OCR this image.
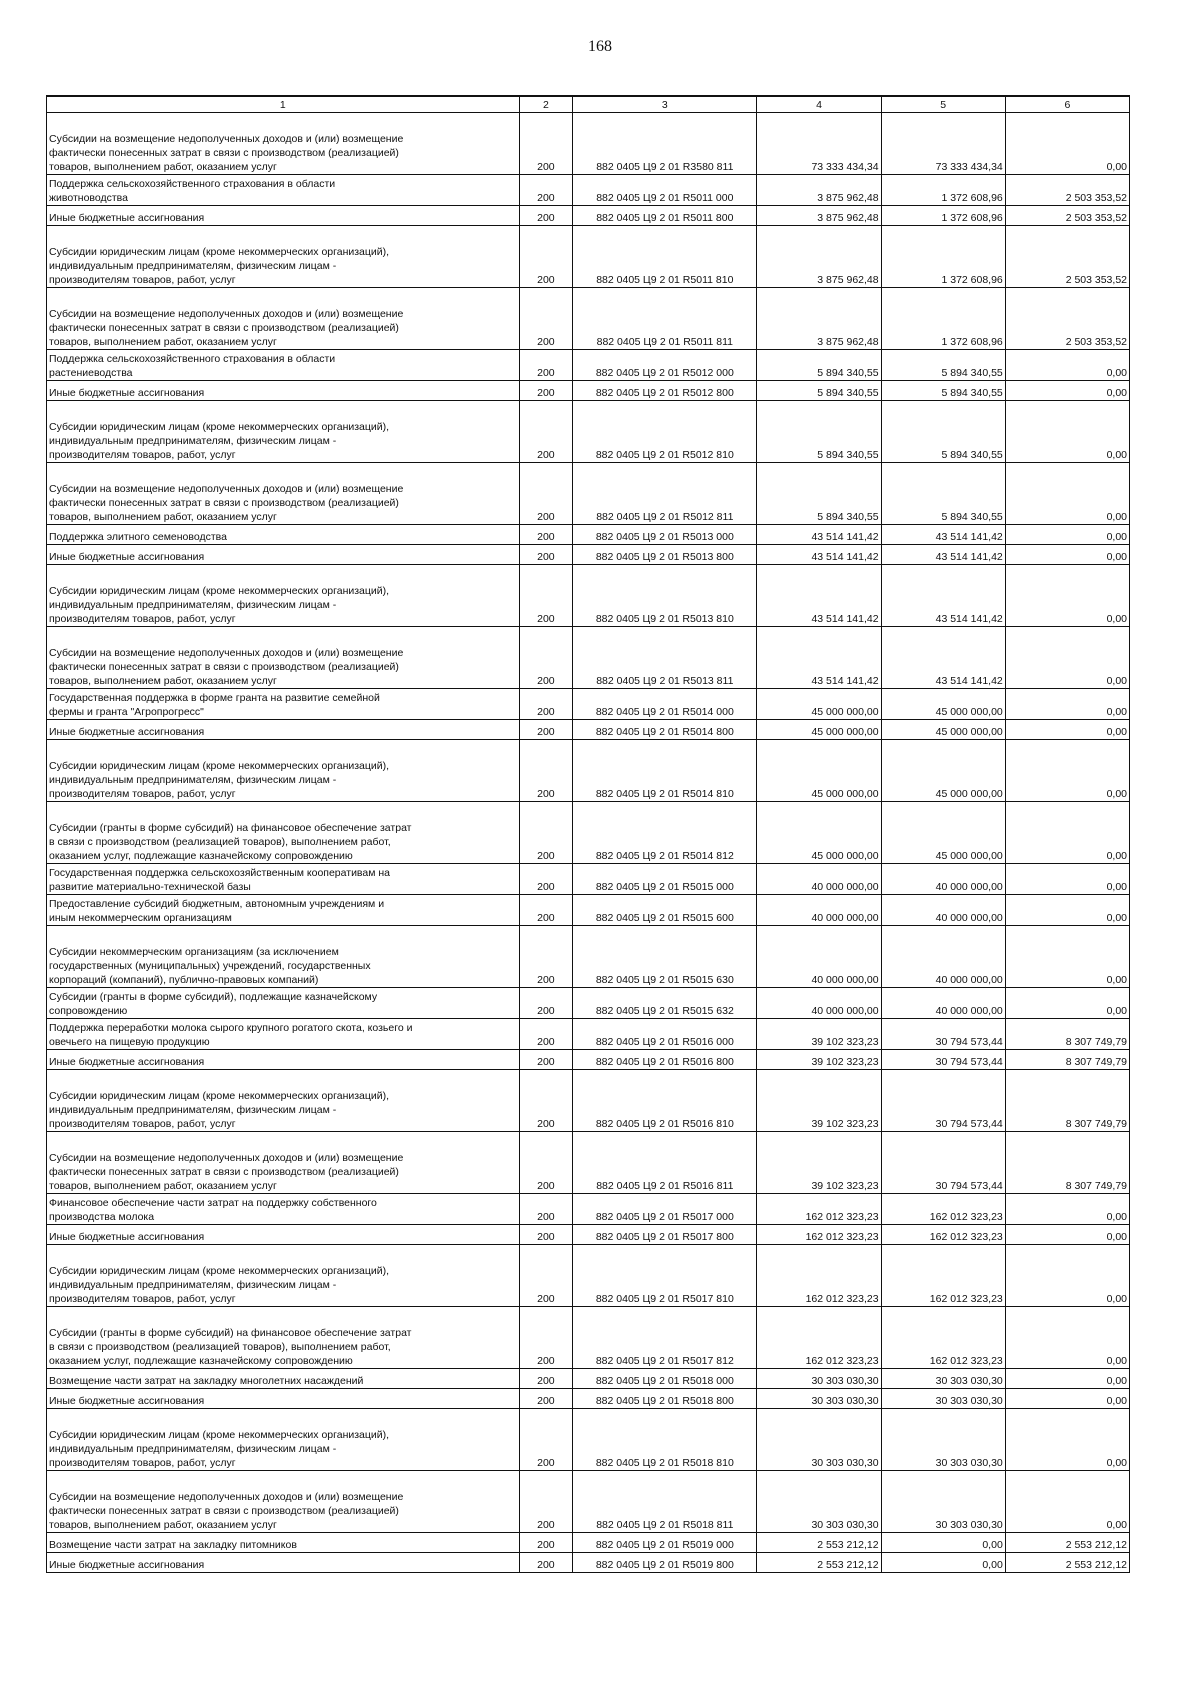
168
1	2	3	4	5	6

Субсидии на возмещение недополученных доходов и (или) возмещение
фактически понесенных затрат в связи с производством (реализацией)
товаров, выполнением работ, оказанием услуг	200	882 0405 Ц9 2 01 R3580 811	73 333 434,34	73 333 434,34	0,00

Поддержка сельскохозяйственного страхования в области
животноводства	200	882 0405 Ц9 2 01 R5011 000	3 875 962,48	1 372 608,96	2 503 353,52

Иные бюджетные ассигнования	200	882 0405 Ц9 2 01 R5011 800	3 875 962,48	1 372 608,96	2 503 353,52

Субсидии юридическим лицам (кроме некоммерческих организаций),
индивидуальным предпринимателям, физическим лицам -
производителям товаров, работ, услуг	200	882 0405 Ц9 2 01 R5011 810	3 875 962,48	1 372 608,96	2 503 353,52

Субсидии на возмещение недополученных доходов и (или) возмещение
фактически понесенных затрат в связи с производством (реализацией)
товаров, выполнением работ, оказанием услуг	200	882 0405 Ц9 2 01 R5011 811	3 875 962,48	1 372 608,96	2 503 353,52

Поддержка сельскохозяйственного страхования в области
растениеводства	200	882 0405 Ц9 2 01 R5012 000	5 894 340,55	5 894 340,55	0,00

Иные бюджетные ассигнования	200	882 0405 Ц9 2 01 R5012 800	5 894 340,55	5 894 340,55	0,00

Субсидии юридическим лицам (кроме некоммерческих организаций),
индивидуальным предпринимателям, физическим лицам -
производителям товаров, работ, услуг	200	882 0405 Ц9 2 01 R5012 810	5 894 340,55	5 894 340,55	0,00

Субсидии на возмещение недополученных доходов и (или) возмещение
фактически понесенных затрат в связи с производством (реализацией)
товаров, выполнением работ, оказанием услуг	200	882 0405 Ц9 2 01 R5012 811	5 894 340,55	5 894 340,55	0,00

Поддержка элитного семеноводства	200	882 0405 Ц9 2 01 R5013 000	43 514 141,42	43 514 141,42	0,00

Иные бюджетные ассигнования	200	882 0405 Ц9 2 01 R5013 800	43 514 141,42	43 514 141,42	0,00

Субсидии юридическим лицам (кроме некоммерческих организаций),
индивидуальным предпринимателям, физическим лицам -
производителям товаров, работ, услуг	200	882 0405 Ц9 2 01 R5013 810	43 514 141,42	43 514 141,42	0,00

Субсидии на возмещение недополученных доходов и (или) возмещение
фактически понесенных затрат в связи с производством (реализацией)
товаров, выполнением работ, оказанием услуг	200	882 0405 Ц9 2 01 R5013 811	43 514 141,42	43 514 141,42	0,00

Государственная поддержка в форме гранта на развитие семейной
фермы и гранта "Агропрогресс"	200	882 0405 Ц9 2 01 R5014 000	45 000 000,00	45 000 000,00	0,00

Иные бюджетные ассигнования	200	882 0405 Ц9 2 01 R5014 800	45 000 000,00	45 000 000,00	0,00

Субсидии юридическим лицам (кроме некоммерческих организаций),
индивидуальным предпринимателям, физическим лицам -
производителям товаров, работ, услуг	200	882 0405 Ц9 2 01 R5014 810	45 000 000,00	45 000 000,00	0,00

Субсидии (гранты в форме субсидий) на финансовое обеспечение затрат
в связи с производством (реализацией товаров), выполнением работ,
оказанием услуг, подлежащие казначейскому сопровождению	200	882 0405 Ц9 2 01 R5014 812	45 000 000,00	45 000 000,00	0,00

Государственная поддержка сельскохозяйственным кооперативам на
развитие материально-технической базы	200	882 0405 Ц9 2 01 R5015 000	40 000 000,00	40 000 000,00	0,00

Предоставление субсидий бюджетным, автономным учреждениям и
иным некоммерческим организациям	200	882 0405 Ц9 2 01 R5015 600	40 000 000,00	40 000 000,00	0,00

Субсидии некоммерческим организациям (за исключением
государственных (муниципальных) учреждений, государственных
корпораций (компаний), публично-правовых компаний)	200	882 0405 Ц9 2 01 R5015 630	40 000 000,00	40 000 000,00	0,00

Субсидии (гранты в форме субсидий), подлежащие казначейскому
сопровождению	200	882 0405 Ц9 2 01 R5015 632	40 000 000,00	40 000 000,00	0,00

Поддержка переработки молока сырого крупного рогатого скота, козьего и
овечьего на пищевую продукцию	200	882 0405 Ц9 2 01 R5016 000	39 102 323,23	30 794 573,44	8 307 749,79

Иные бюджетные ассигнования	200	882 0405 Ц9 2 01 R5016 800	39 102 323,23	30 794 573,44	8 307 749,79

Субсидии юридическим лицам (кроме некоммерческих организаций),
индивидуальным предпринимателям, физическим лицам -
производителям товаров, работ, услуг	200	882 0405 Ц9 2 01 R5016 810	39 102 323,23	30 794 573,44	8 307 749,79

Субсидии на возмещение недополученных доходов и (или) возмещение
фактически понесенных затрат в связи с производством (реализацией)
товаров, выполнением работ, оказанием услуг	200	882 0405 Ц9 2 01 R5016 811	39 102 323,23	30 794 573,44	8 307 749,79

Финансовое обеспечение части затрат на поддержку собственного
производства молока	200	882 0405 Ц9 2 01 R5017 000	162 012 323,23	162 012 323,23	0,00

Иные бюджетные ассигнования	200	882 0405 Ц9 2 01 R5017 800	162 012 323,23	162 012 323,23	0,00

Субсидии юридическим лицам (кроме некоммерческих организаций),
индивидуальным предпринимателям, физическим лицам -
производителям товаров, работ, услуг	200	882 0405 Ц9 2 01 R5017 810	162 012 323,23	162 012 323,23	0,00

Субсидии (гранты в форме субсидий) на финансовое обеспечение затрат
в связи с производством (реализацией товаров), выполнением работ,
оказанием услуг, подлежащие казначейскому сопровождению	200	882 0405 Ц9 2 01 R5017 812	162 012 323,23	162 012 323,23	0,00

Возмещение части затрат на закладку многолетних насаждений	200	882 0405 Ц9 2 01 R5018 000	30 303 030,30	30 303 030,30	0,00

Иные бюджетные ассигнования	200	882 0405 Ц9 2 01 R5018 800	30 303 030,30	30 303 030,30	0,00

Субсидии юридическим лицам (кроме некоммерческих организаций),
индивидуальным предпринимателям, физическим лицам -
производителям товаров, работ, услуг	200	882 0405 Ц9 2 01 R5018 810	30 303 030,30	30 303 030,30	0,00

Субсидии на возмещение недополученных доходов и (или) возмещение
фактически понесенных затрат в связи с производством (реализацией)
товаров, выполнением работ, оказанием услуг	200	882 0405 Ц9 2 01 R5018 811	30 303 030,30	30 303 030,30	0,00

Возмещение части затрат на закладку питомников	200	882 0405 Ц9 2 01 R5019 000	2 553 212,12	0,00	2 553 212,12

Иные бюджетные ассигнования	200	882 0405 Ц9 2 01 R5019 800	2 553 212,12	0,00	2 553 212,12
